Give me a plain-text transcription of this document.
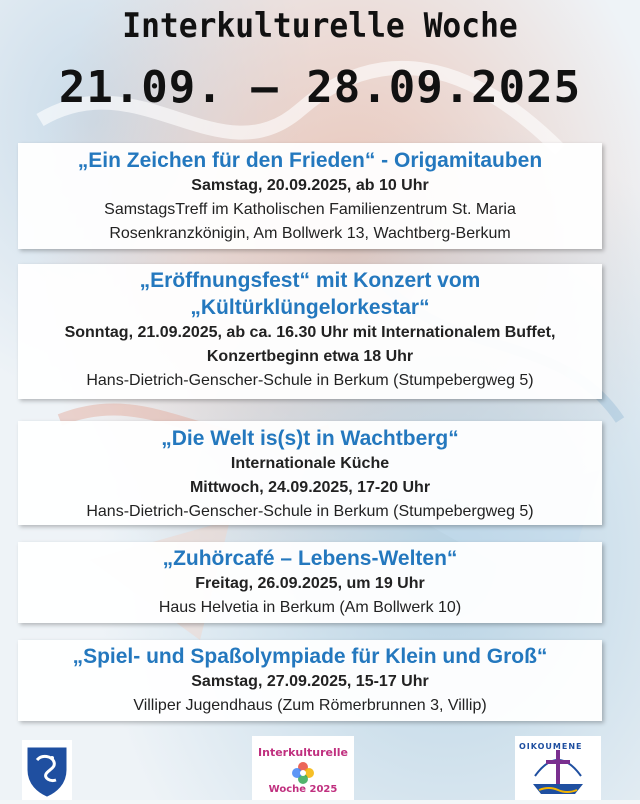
Interkulturelle Woche
21.09. – 28.09.2025
„Ein Zeichen für den Frieden“ - Origamitauben
Samstag, 20.09.2025, ab 10 Uhr
SamstagsTreff im Katholischen Familienzentrum St. Maria
Rosenkranzkönigin, Am Bollwerk 13, Wachtberg-Berkum
„Eröffnungsfest“ mit Konzert vom
„Kültürklüngelorkestar“
Sonntag, 21.09.2025, ab ca. 16.30 Uhr mit Internationalem Buffet,
Konzertbeginn etwa 18 Uhr
Hans-Dietrich-Genscher-Schule in Berkum (Stumpebergweg 5)
„Die Welt is(s)t in Wachtberg“
Internationale Küche
Mittwoch, 24.09.2025, 17-20 Uhr
Hans-Dietrich-Genscher-Schule in Berkum (Stumpebergweg 5)
„Zuhörcafé – Lebens-Welten“
Freitag, 26.09.2025, um 19 Uhr
Haus Helvetia in Berkum (Am Bollwerk 10)
„Spiel- und Spaßolympiade für Klein und Groß“
Samstag, 27.09.2025, 15-17 Uhr
Villiper Jugendhaus (Zum Römerbrunnen 3, Villip)
Interkulturelle
Woche 2025
OIKOUMENE
